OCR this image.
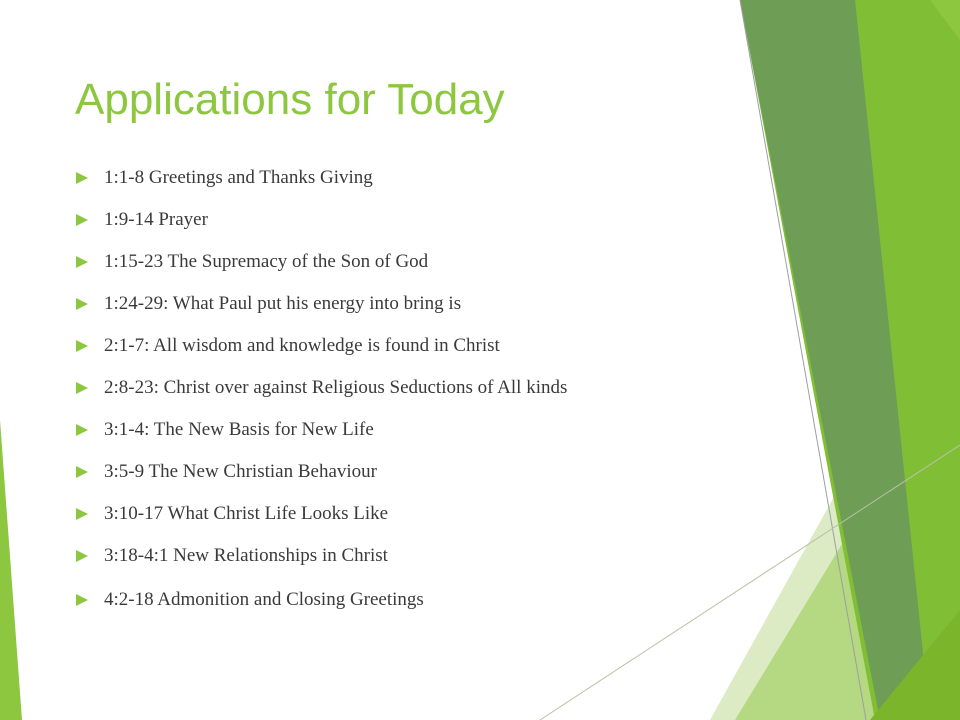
Applications for Today
1:1-8 Greetings and Thanks Giving
1:9-14 Prayer
1:15-23 The Supremacy of the Son of God
1:24-29: What Paul put his energy into bring is
2:1-7: All wisdom and knowledge is found in Christ
2:8-23: Christ over against Religious Seductions of All kinds
3:1-4: The New Basis for New Life
3:5-9 The New Christian Behaviour
3:10-17 What Christ Life Looks Like
3:18-4:1 New Relationships in Christ
4:2-18 Admonition and Closing Greetings
